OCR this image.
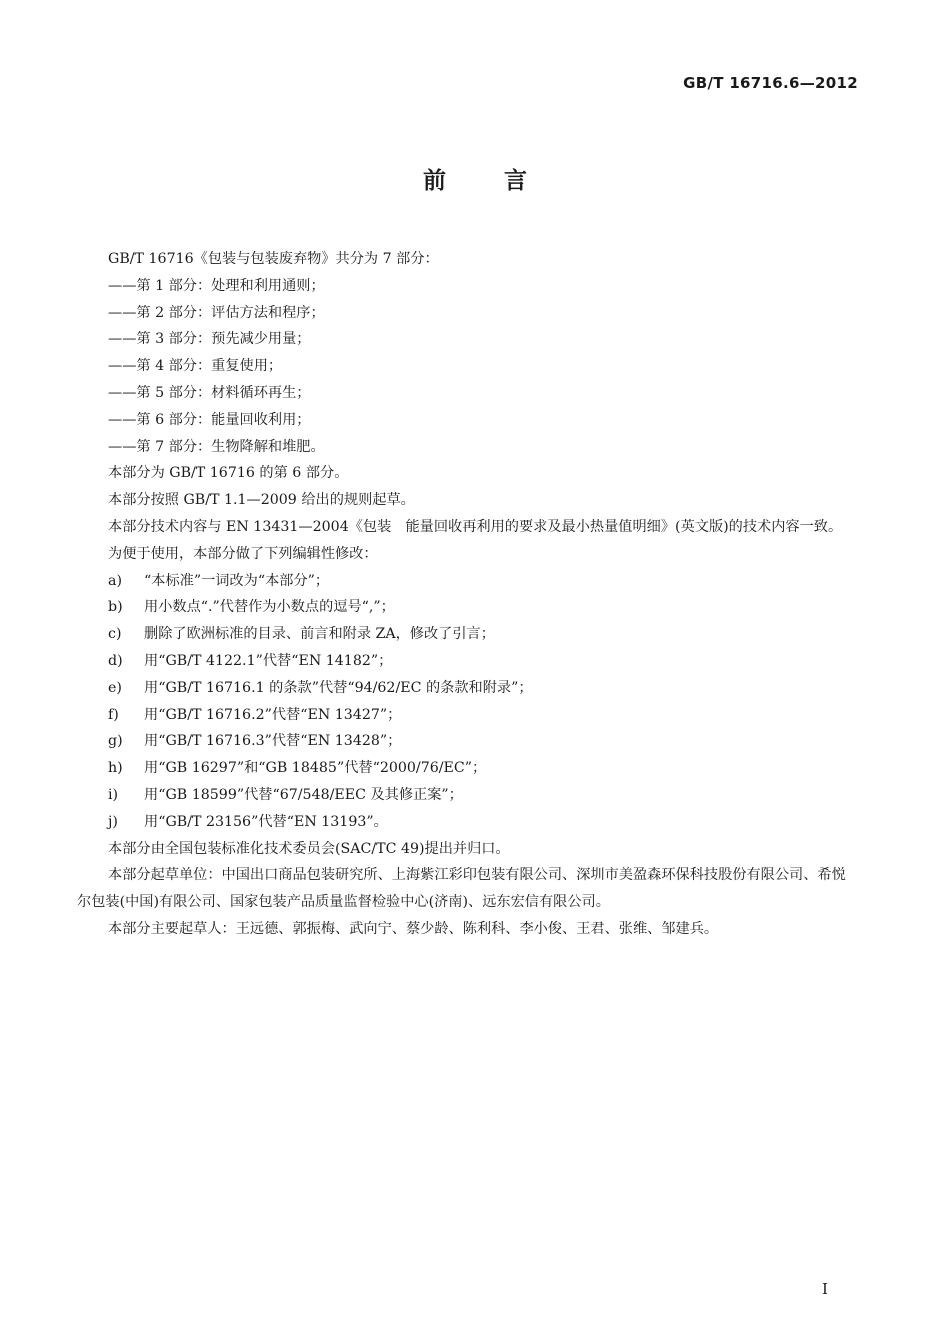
GB/T 16716.6—2012
前言
GB/T 16716《包装与包装废弃物》共分为 7 部分：
——第 1 部分：处理和利用通则；
——第 2 部分：评估方法和程序；
——第 3 部分：预先减少用量；
——第 4 部分：重复使用；
——第 5 部分：材料循环再生；
——第 6 部分：能量回收利用；
——第 7 部分：生物降解和堆肥。
本部分为 GB/T 16716 的第 6 部分。
本部分按照 GB/T 1.1—2009 给出的规则起草。
本部分技术内容与 EN 13431—2004《包装　能量回收再利用的要求及最小热量值明细》(英文版)的技术内容一致。
为便于使用，本部分做了下列编辑性修改：
a) “本标准”一词改为“本部分”；
b) 用小数点“.”代替作为小数点的逗号“,”；
c) 删除了欧洲标准的目录、前言和附录 ZA，修改了引言；
d) 用“GB/T 4122.1”代替“EN 14182”；
e) 用“GB/T 16716.1 的条款”代替“94/62/EC 的条款和附录”；
f) 用“GB/T 16716.2”代替“EN 13427”；
g) 用“GB/T 16716.3”代替“EN 13428”；
h) 用“GB 16297”和“GB 18485”代替“2000/76/EC”；
i) 用“GB 18599”代替“67/548/EEC 及其修正案”；
j) 用“GB/T 23156”代替“EN 13193”。
本部分由全国包装标准化技术委员会(SAC/TC 49)提出并归口。
本部分起草单位：中国出口商品包装研究所、上海紫江彩印包装有限公司、深圳市美盈森环保科技股份有限公司、希悦尔包装(中国)有限公司、国家包装产品质量监督检验中心(济南)、远东宏信有限公司。
本部分主要起草人：王远德、郭振梅、武向宁、蔡少龄、陈利科、李小俊、王君、张维、邹建兵。
I
